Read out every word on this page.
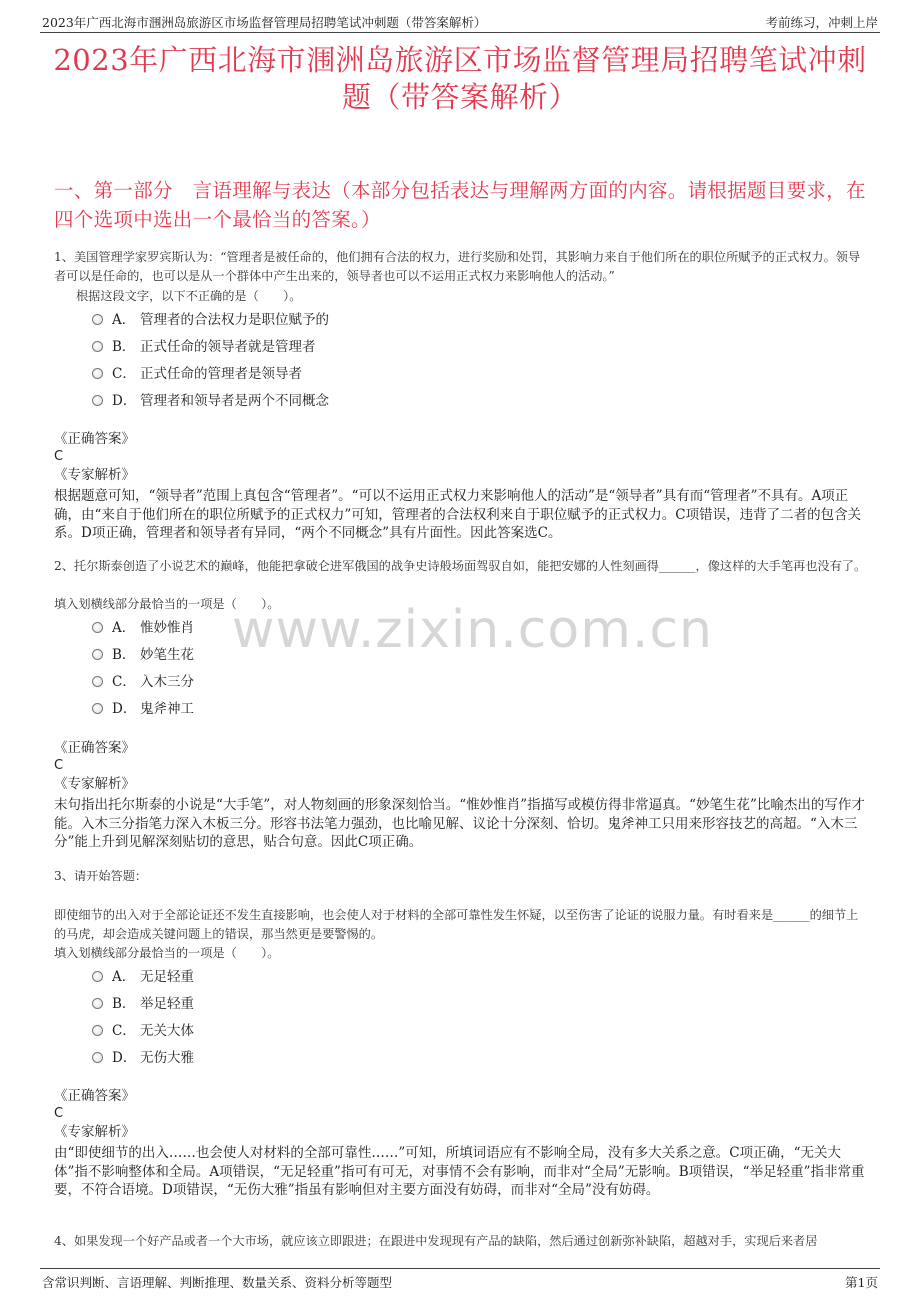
2023年广西北海市涠洲岛旅游区市场监督管理局招聘笔试冲刺题（带答案解析）	考前练习，冲刺上岸
2023年广西北海市涠洲岛旅游区市场监督管理局招聘笔试冲刺题（带答案解析）
一、第一部分　言语理解与表达（本部分包括表达与理解两方面的内容。请根据题目要求，在四个选项中选出一个最恰当的答案。）
www.zixin.com.cn
1、美国管理学家罗宾斯认为：“管理者是被任命的，他们拥有合法的权力，进行奖励和处罚，其影响力来自于他们所在的职位所赋予的正式权力。领导者可以是任命的，也可以是从一个群体中产生出来的，领导者也可以不运用正式权力来影响他人的活动。”
根据这段文字，以下不正确的是（　　）。
A． 管理者的合法权力是职位赋予的
B． 正式任命的领导者就是管理者
C． 正式任命的管理者是领导者
D． 管理者和领导者是两个不同概念
《正确答案》
C
《专家解析》
根据题意可知，“领导者”范围上真包含“管理者”。“可以不运用正式权力来影响他人的活动”是“领导者”具有而“管理者”不具有。A项正确，由“来自于他们所在的职位所赋予的正式权力”可知，管理者的合法权利来自于职位赋予的正式权力。C项错误，违背了二者的包含关系。D项正确，管理者和领导者有异同，“两个不同概念”具有片面性。因此答案选C。
2、托尔斯泰创造了小说艺术的巅峰，他能把拿破仑进军俄国的战争史诗般场面驾驭自如，能把安娜的人性刻画得______，像这样的大手笔再也没有了。
填入划横线部分最恰当的一项是（　　）。
A． 惟妙惟肖
B． 妙笔生花
C． 入木三分
D． 鬼斧神工
《正确答案》
C
《专家解析》
末句指出托尔斯泰的小说是“大手笔”，对人物刻画的形象深刻恰当。“惟妙惟肖”指描写或模仿得非常逼真。“妙笔生花”比喻杰出的写作才能。入木三分指笔力深入木板三分。形容书法笔力强劲，也比喻见解、议论十分深刻、恰切。鬼斧神工只用来形容技艺的高超。“入木三分”能上升到见解深刻贴切的意思，贴合句意。因此C项正确。
3、请开始答题：
即使细节的出入对于全部论证还不发生直接影响，也会使人对于材料的全部可靠性发生怀疑，以至伤害了论证的说服力量。有时看来是______的细节上的马虎，却会造成关键问题上的错误，那当然更是要警惕的。
填入划横线部分最恰当的一项是（　　）。
A． 无足轻重
B． 举足轻重
C． 无关大体
D． 无伤大雅
《正确答案》
C
《专家解析》
由“即使细节的出入……也会使人对材料的全部可靠性……”可知，所填词语应有不影响全局，没有多大关系之意。C项正确，“无关大体”指不影响整体和全局。A项错误，“无足轻重”指可有可无，对事情不会有影响，而非对“全局”无影响。B项错误，“举足轻重”指非常重要，不符合语境。D项错误，“无伤大雅”指虽有影响但对主要方面没有妨碍，而非对“全局”没有妨碍。
4、如果发现一个好产品或者一个大市场，就应该立即跟进；在跟进中发现现有产品的缺陷，然后通过创新弥补缺陷，超越对手，实现后来者居
含常识判断、言语理解、判断推理、数量关系、资料分析等题型	第1页
